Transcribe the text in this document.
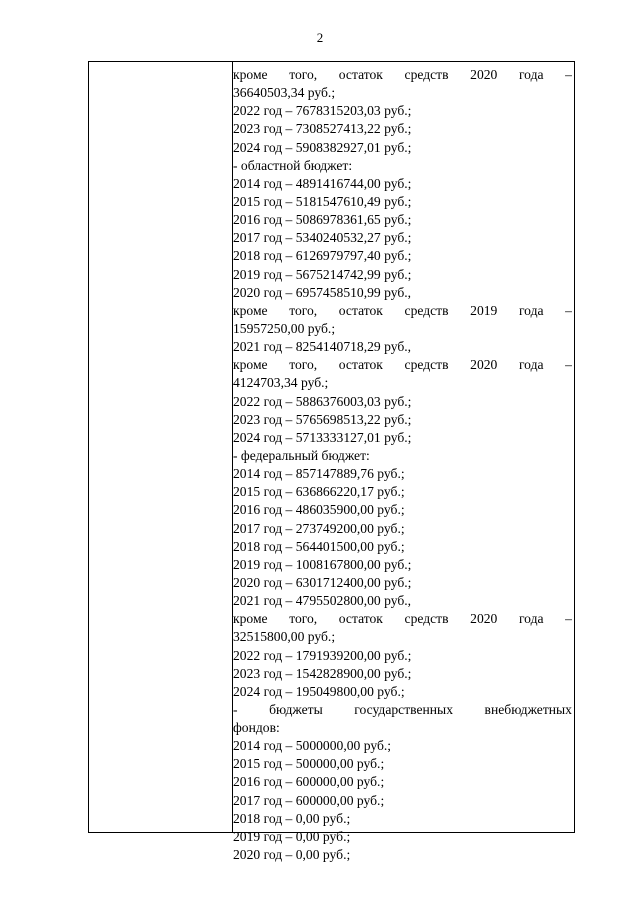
2
кроме того, остаток средств 2020 года –
36640503,34 руб.;
2022 год – 7678315203,03 руб.;
2023 год – 7308527413,22 руб.;
2024 год – 5908382927,01 руб.;
- областной бюджет:
2014 год – 4891416744,00 руб.;
2015 год – 5181547610,49 руб.;
2016 год – 5086978361,65 руб.;
2017 год – 5340240532,27 руб.;
2018 год – 6126979797,40 руб.;
2019 год – 5675214742,99 руб.;
2020 год – 6957458510,99 руб.,
кроме того, остаток средств 2019 года –
15957250,00 руб.;
2021 год – 8254140718,29 руб.,
кроме того, остаток средств 2020 года –
4124703,34 руб.;
2022 год – 5886376003,03 руб.;
2023 год – 5765698513,22 руб.;
2024 год – 5713333127,01 руб.;
- федеральный бюджет:
2014 год – 857147889,76 руб.;
2015 год – 636866220,17 руб.;
2016 год – 486035900,00 руб.;
2017 год – 273749200,00 руб.;
2018 год – 564401500,00 руб.;
2019 год – 1008167800,00 руб.;
2020 год – 6301712400,00 руб.;
2021 год – 4795502800,00 руб.,
кроме того, остаток средств 2020 года –
32515800,00 руб.;
2022 год – 1791939200,00 руб.;
2023 год – 1542828900,00 руб.;
2024 год – 195049800,00 руб.;
- бюджеты государственных внебюджетных
фондов:
2014 год – 5000000,00 руб.;
2015 год – 500000,00 руб.;
2016 год – 600000,00 руб.;
2017 год – 600000,00 руб.;
2018 год – 0,00 руб.;
2019 год – 0,00 руб.;
2020 год – 0,00 руб.;
